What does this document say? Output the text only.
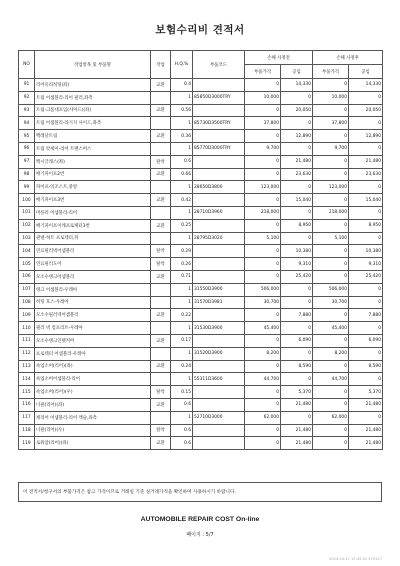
보험수리비 견적서
NO	작업항목 및 부품명	작업	H,Q,%	부품코드	손해 사정전		손해 사정후	
					부품가격	공임	부품가격	공임
91	리어유리히팅(좌)	교환	0.4		0	14,330	0	14,330
92	트림 어셈블리-리어 필러,좌측		1	85850D3000TRY	10,000	0	10,000	0
93	트림-크롬대프임(사이드)(좌)	교환	0.56		0	20,050	0	20,050
94	트림 어셈블리-라기지 사이드,좌측		1	85730D3500TRY	37,800	0	37,800	0
95	백레날트림	교환	0.36		0	12,890	0	12,890
96	트림 앗세이-리어 트랜스버스		1	85770D3000TRY	9,700	0	9,700	0
97	백시글래스(좌)	탈착	0.6		0	21,480	0	21,480
98	배기파이프2번	교환	0.66		0	23,630	0	23,630
99	파이프-익조스트,중앙		1	28650D3800	123,000	0	123,000	0
100	배기파이프3번	교환	0.42		0	15,040	0	15,040
101	머플러 어셈블리-리어		1	28710D3960	218,000	0	218,000	0
102	배기파이프이캐프로케터3번	교환	0.25		0	8,950	0	8,950
103	관넬-히트 프로텍터,뒤		1	28795D3020	5,100	0	5,100	0
104	연료필러넥어셈블리	탈착	0.29		0	10,380	0	10,380
105	연료필러도어	탈착	0.26		0	9,310	0	9,310
106	모소수탱크어셈블리	교환	0.71		0	25,420	0	25,420
107	탱크 어셈블리-우레아		1	31550D3900	506,000	0	506,000	0
108	히팅 호스-우레아		1	31570D3981	30,700	0	30,700	0
109	모소수필러넥어셈블리	교환	0.22		0	7,880	0	7,880
110	필러 넥 컴프리트-우레아		1	31530D3900	45,400	0	45,400	0
111	모소수탱크인렛커버	교환	0.17		0	6,090	0	6,090
112	프로텍터 어셈블리-우레아		1	31520D3900	8,200	0	8,200	0
113	쇽업소버(리어)(좌)	교환	0.24		0	8,590	0	8,590
114	쇽업소버어셈블리-리어		1	55311D3600	44,700	0	44,700	0
115	쇽업소버(리어)(우)	탈착	0.15		0	5,370	0	5,370
116	너클(리어)(좌)	교환	0.6		0	21,480	0	21,480
117	캐리어 어셈블리-리어 액슬,좌측		1	52710D3000	62,000	0	62,000	0
118	너클(리어)(우)	탈착	0.6		0	21,480	0	21,480
119	로워암(리어)(좌)	교환	0.6		0	21,480	0	21,480
이 견적서/청구서의 부품가격은 참고 가격이므로 거래일 기준 실거래가격을 확인하여 사용하시기 바랍니다.
AUTOMOBILE REPAIR COST On-line
페이지 : 5/7
2024-04-11 15:45:02 570127
